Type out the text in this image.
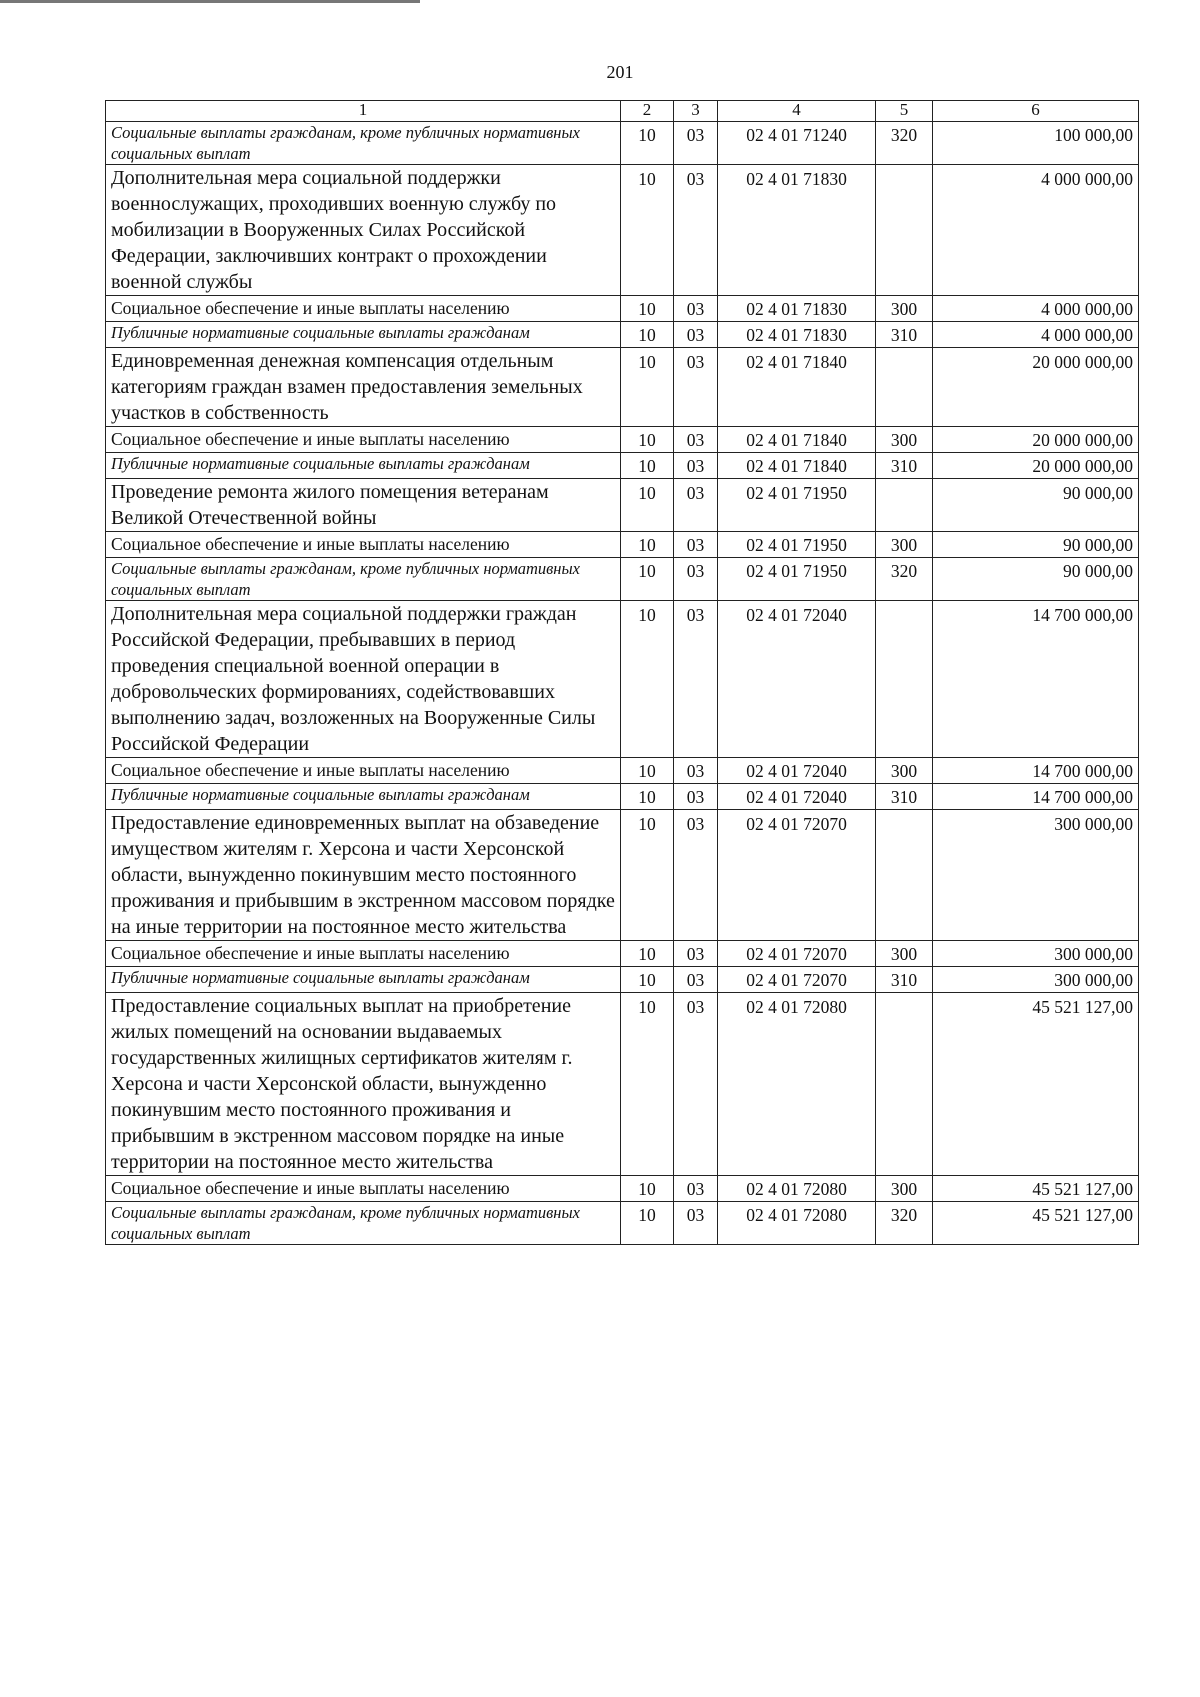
201
1	2	3	4	5	6
Социальные выплаты гражданам, кроме публичных нормативных социальных выплат	10	03	02 4 01 71240	320	100 000,00
Дополнительная мера социальной поддержки военнослужащих, проходивших военную службу по мобилизации в Вооруженных Силах Российской Федерации, заключивших контракт о прохождении военной службы	10	03	02 4 01 71830		4 000 000,00
Социальное обеспечение и иные выплаты населению	10	03	02 4 01 71830	300	4 000 000,00
Публичные нормативные социальные выплаты гражданам	10	03	02 4 01 71830	310	4 000 000,00
Единовременная денежная компенсация отдельным категориям граждан взамен предоставления земельных участков в собственность	10	03	02 4 01 71840		20 000 000,00
Социальное обеспечение и иные выплаты населению	10	03	02 4 01 71840	300	20 000 000,00
Публичные нормативные социальные выплаты гражданам	10	03	02 4 01 71840	310	20 000 000,00
Проведение ремонта жилого помещения ветеранам Великой Отечественной войны	10	03	02 4 01 71950		90 000,00
Социальное обеспечение и иные выплаты населению	10	03	02 4 01 71950	300	90 000,00
Социальные выплаты гражданам, кроме публичных нормативных социальных выплат	10	03	02 4 01 71950	320	90 000,00
Дополнительная мера социальной поддержки граждан Российской Федерации, пребывавших в период проведения специальной военной операции в добровольческих формированиях, содействовавших выполнению задач, возложенных на Вооруженные Силы Российской Федерации	10	03	02 4 01 72040		14 700 000,00
Социальное обеспечение и иные выплаты населению	10	03	02 4 01 72040	300	14 700 000,00
Публичные нормативные социальные выплаты гражданам	10	03	02 4 01 72040	310	14 700 000,00
Предоставление единовременных выплат на обзаведение имуществом жителям г. Херсона и части Херсонской области, вынужденно покинувшим место постоянного проживания и прибывшим в экстренном массовом порядке на иные территории на постоянное место жительства	10	03	02 4 01 72070		300 000,00
Социальное обеспечение и иные выплаты населению	10	03	02 4 01 72070	300	300 000,00
Публичные нормативные социальные выплаты гражданам	10	03	02 4 01 72070	310	300 000,00
Предоставление социальных выплат на приобретение жилых помещений на основании выдаваемых государственных жилищных сертификатов жителям г. Херсона и части Херсонской области, вынужденно покинувшим место постоянного проживания и прибывшим в экстренном массовом порядке на иные территории на постоянное место жительства	10	03	02 4 01 72080		45 521 127,00
Социальное обеспечение и иные выплаты населению	10	03	02 4 01 72080	300	45 521 127,00
Социальные выплаты гражданам, кроме публичных нормативных социальных выплат	10	03	02 4 01 72080	320	45 521 127,00
